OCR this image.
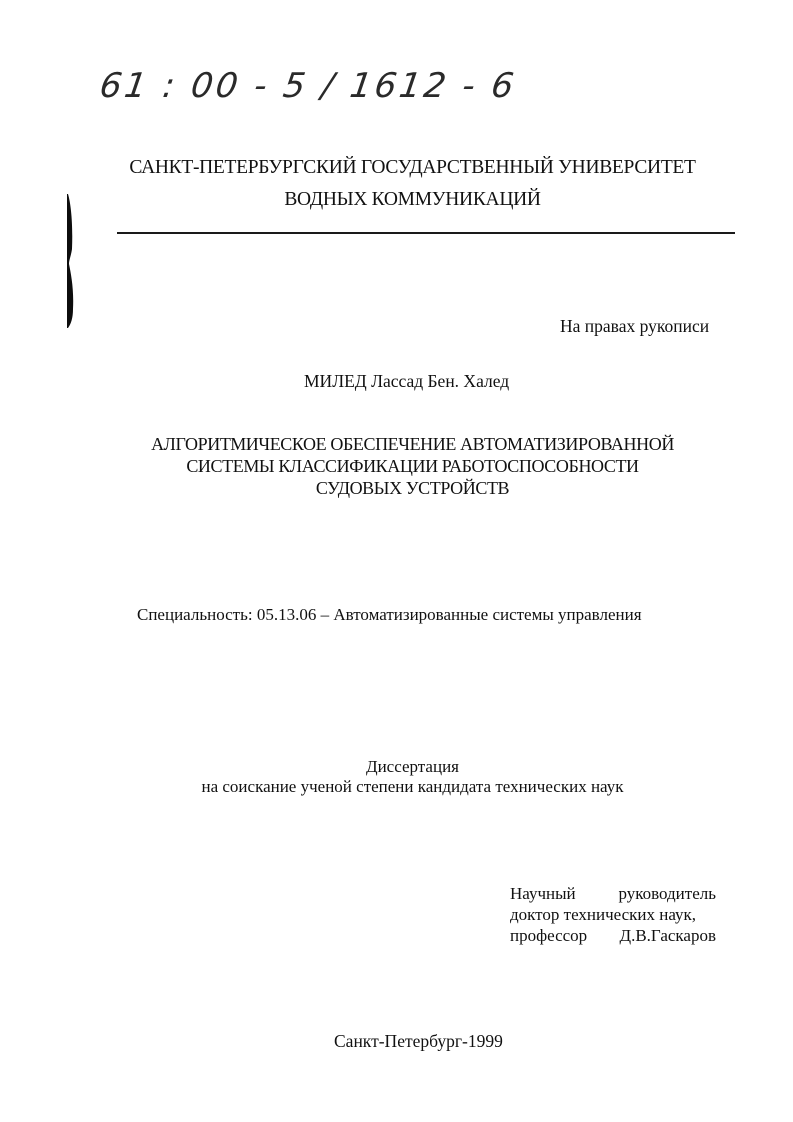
61 : 00 - 5 / 1612 - 6
САНКТ-ПЕТЕРБУРГСКИЙ ГОСУДАРСТВЕННЫЙ УНИВЕРСИТЕТ
ВОДНЫХ КОММУНИКАЦИЙ
На правах рукописи
МИЛЕД Лассад Бен. Халед
АЛГОРИТМИЧЕСКОЕ ОБЕСПЕЧЕНИЕ АВТОМАТИЗИРОВАННОЙ
СИСТЕМЫ КЛАССИФИКАЦИИ РАБОТОСПОСОБНОСТИ
СУДОВЫХ УСТРОЙСТВ
Специальность: 05.13.06 – Автоматизированные системы управления
Диссертация
на соискание ученой степени кандидата технических наук
Научный	руководитель
доктор технических наук,
профессор Д.В.Гаскаров
Санкт-Петербург-1999
